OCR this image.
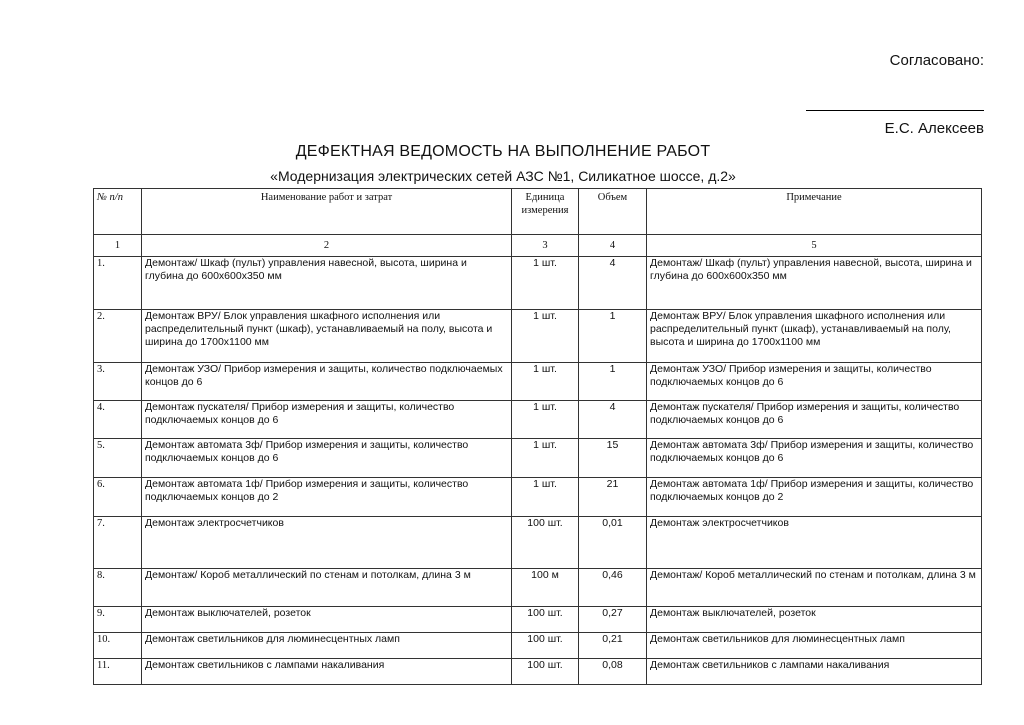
Согласовано:
Е.С. Алексеев
ДЕФЕКТНАЯ ВЕДОМОСТЬ НА ВЫПОЛНЕНИЕ РАБОТ
«Модернизация электрических сетей АЗС №1, Силикатное шоссе, д.2»
№ п/п	Наименование работ и затрат	Единица измерения	Объем	Примечание
1	2	3	4	5
1.	Демонтаж/ Шкаф (пульт) управления навесной, высота, ширина и глубина до 600х600х350 мм	1 шт.	4	Демонтаж/ Шкаф (пульт) управления навесной, высота, ширина и глубина до 600х600х350 мм
2.	Демонтаж ВРУ/ Блок управления шкафного исполнения или распределительный пункт (шкаф), устанавливаемый на полу, высота и ширина до 1700х1100 мм	1 шт.	1	Демонтаж ВРУ/ Блок управления шкафного исполнения или распределительный пункт (шкаф), устанавливаемый на полу, высота и ширина до 1700х1100 мм
3.	Демонтаж УЗО/ Прибор измерения и защиты, количество подключаемых концов до 6	1 шт.	1	Демонтаж УЗО/ Прибор измерения и защиты, количество подключаемых концов до 6
4.	Демонтаж пускателя/ Прибор измерения и защиты, количество подключаемых концов до 6	1 шт.	4	Демонтаж пускателя/ Прибор измерения и защиты, количество подключаемых концов до 6
5.	Демонтаж автомата 3ф/ Прибор измерения и защиты, количество подключаемых концов до 6	1 шт.	15	Демонтаж автомата 3ф/ Прибор измерения и защиты, количество подключаемых концов до 6
6.	Демонтаж автомата 1ф/ Прибор измерения и защиты, количество подключаемых концов до 2	1 шт.	21	Демонтаж автомата 1ф/ Прибор измерения и защиты, количество подключаемых концов до 2
7.	Демонтаж электросчетчиков	100 шт.	0,01	Демонтаж электросчетчиков
8.	Демонтаж/ Короб металлический по стенам и потолкам, длина 3 м	100 м	0,46	Демонтаж/ Короб металлический по стенам и потолкам, длина 3 м
9.	Демонтаж выключателей, розеток	100 шт.	0,27	Демонтаж выключателей, розеток
10.	Демонтаж светильников для люминесцентных ламп	100 шт.	0,21	Демонтаж светильников для люминесцентных ламп
11.	Демонтаж светильников с лампами накаливания	100 шт.	0,08	Демонтаж светильников с лампами накаливания
